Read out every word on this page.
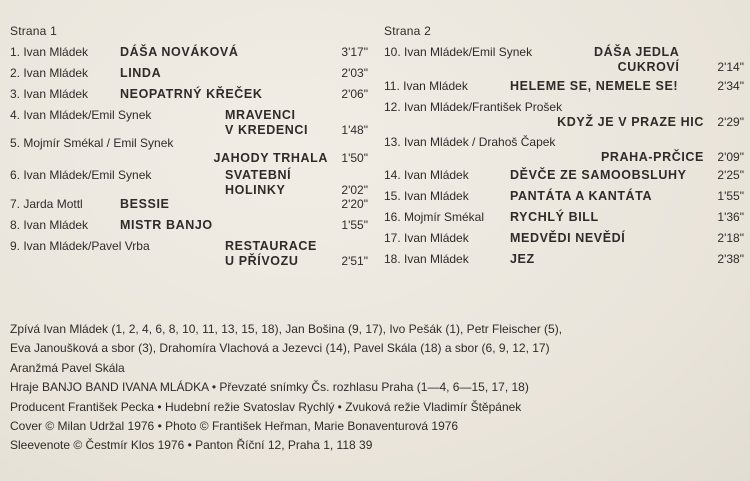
Strana 1
1. Ivan Mládek	DÁŠA NOVÁKOVÁ	3'17"
2. Ivan Mládek	LINDA	2'03"
3. Ivan Mládek	NEOPATRNÝ KŘEČEK	2'06"
4. Ivan Mládek/Emil Synek	MRAVENCI
V KREDENCI	1'48"
5. Mojmír Smékal / Emil Synek
JAHODY TRHALA 1'50"
6. Ivan Mládek/Emil Synek	SVATEBNÍ
HOLINKY	2'02"
7. Jarda Mottl	BESSIE	2'20"
8. Ivan Mládek	MISTR BANJO	1'55"
9. Ivan Mládek/Pavel Vrba	RESTAURACE
U PŘÍVOZU	2'51"
Strana 2
10. Ivan Mládek/Emil Synek	DÁŠA JEDLA
CUKROVÍ	2'14"
11. Ivan Mládek	HELEME SE, NEMELE SE!	2'34"
12. Ivan Mládek/František Prošek
KDYŽ JE V PRAZE HIC 2'29"
13. Ivan Mládek / Drahoš Čapek
PRAHA-PRČICE 2'09"
14. Ivan Mládek	DĚVČE ZE SAMOOBSLUHY	2'25"
15. Ivan Mládek	PANTÁTA A KANTÁTA	1'55"
16. Mojmír Smékal RYCHLÝ BILL	1'36"
17. Ivan Mládek	MEDVĚDI NEVĚDÍ	2'18"
18. Ivan Mládek	JEZ	2'38"
Zpívá Ivan Mládek (1, 2, 4, 6, 8, 10, 11, 13, 15, 18), Jan Bošina (9, 17), Ivo Pešák (1), Petr Fleischer (5),
Eva Janoušková a sbor (3), Drahomíra Vlachová a Jezevci (14), Pavel Skála (18) a sbor (6, 9, 12, 17)
Aranžmá Pavel Skála
Hraje BANJO BAND IVANA MLÁDKA • Převzaté snímky Čs. rozhlasu Praha (1—4, 6—15, 17, 18)
Producent František Pecka • Hudební režie Svatoslav Rychlý • Zvuková režie Vladimír Štěpánek
Cover © Milan Udržal 1976 • Photo © František Heřman, Marie Bonaventurová 1976
Sleevenote © Čestmír Klos 1976 • Panton Říční 12, Praha 1, 118 39
